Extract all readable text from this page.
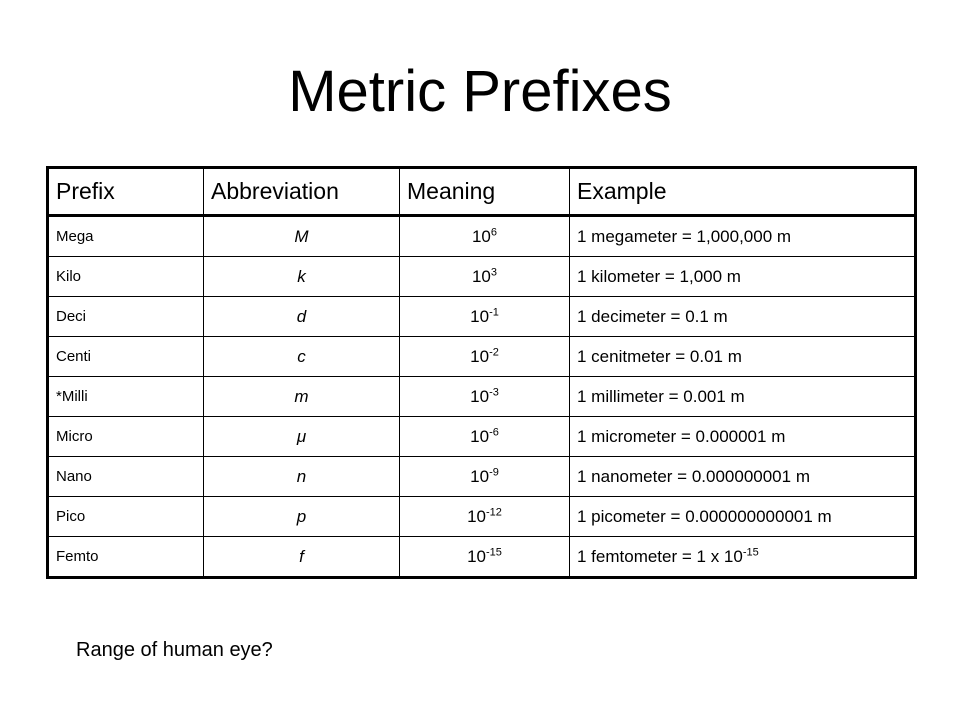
Metric Prefixes
Prefix	Abbreviation	Meaning	Example
Mega	M	$10^6$	1 megameter = 1,000,000 m
Kilo	k	$10^3$	1 kilometer = 1,000 m
Deci	d	$10^{-1}$	1 decimeter = 0.1 m
Centi	c	$10^{-2}$	1 cenitmeter = 0.01 m
*Milli	m	$10^{-3}$	1 millimeter = 0.001 m
Micro	μ	$10^{-6}$	1 micrometer = 0.000001 m
Nano	n	$10^{-9}$	1 nanometer = 0.000000001 m
Pico	p	$10^{-12}$	1 picometer = 0.000000000001 m
Femto	f	$10^{-15}$	1 femtometer = 1 x $10^{-15}$
Range of human eye?
